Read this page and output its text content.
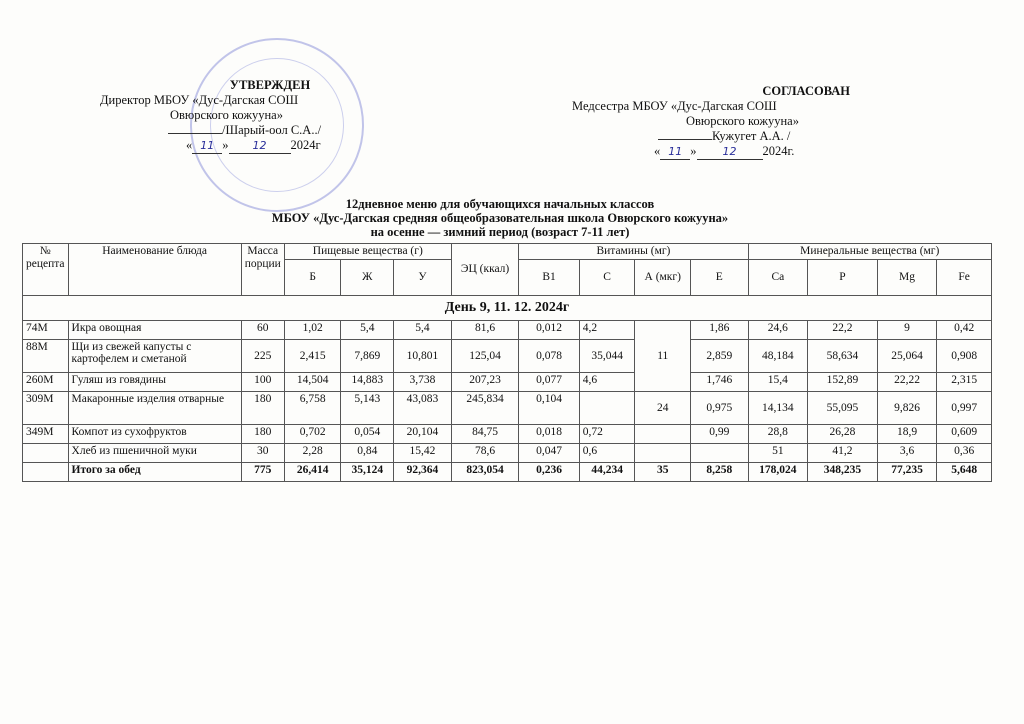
УТВЕРЖДЕН
Директор МБОУ «Дус-Дагская СОШ
Овюрского кожууна»
/Шарый-оол С.А../
« 11 » 12 2024г
СОГЛАСОВАН
Медсестра МБОУ «Дус-Дагская СОШ
Овюрского кожууна»
Кужугет А.А. /
« 11 » 12 2024г.
12дневное меню для обучающихся начальных классов
МБОУ «Дус-Дагская средняя общеобразовательная школа Овюрского кожууна»
на осенне — зимний период (возраст 7-11 лет)
№ рецепта	Наименование блюда	Масса порции	Пищевые вещества (г)			ЭЦ (ккал)	Витамины (мг)				Минеральные вещества (мг)			
			Б	Ж	У		В1	С	А (мкг)	Е	Ca	P	Mg	Fe
День 9, 11. 12. 2024г														
74М	Икра овощная	60	1,02	5,4	5,4	81,6	0,012	4,2	11	1,86	24,6	22,2	9	0,42
88М	Щи из свежей капусты с картофелем и сметаной	225	2,415	7,869	10,801	125,04	0,078	35,044		2,859	48,184	58,634	25,064	0,908
260М	Гуляш из говядины	100	14,504	14,883	3,738	207,23	0,077	4,6		1,746	15,4	152,89	22,22	2,315
309М	Макаронные изделия отварные	180	6,758	5,143	43,083	245,834	0,104		24	0,975	14,134	55,095	9,826	0,997
349М	Компот из сухофруктов	180	0,702	0,054	20,104	84,75	0,018	0,72		0,99	28,8	26,28	18,9	0,609
	Хлеб из пшеничной муки	30	2,28	0,84	15,42	78,6	0,047	0,6			51	41,2	3,6	0,36
	Итого за обед	775	26,414	35,124	92,364	823,054	0,236	44,234	35	8,258	178,024	348,235	77,235	5,648
